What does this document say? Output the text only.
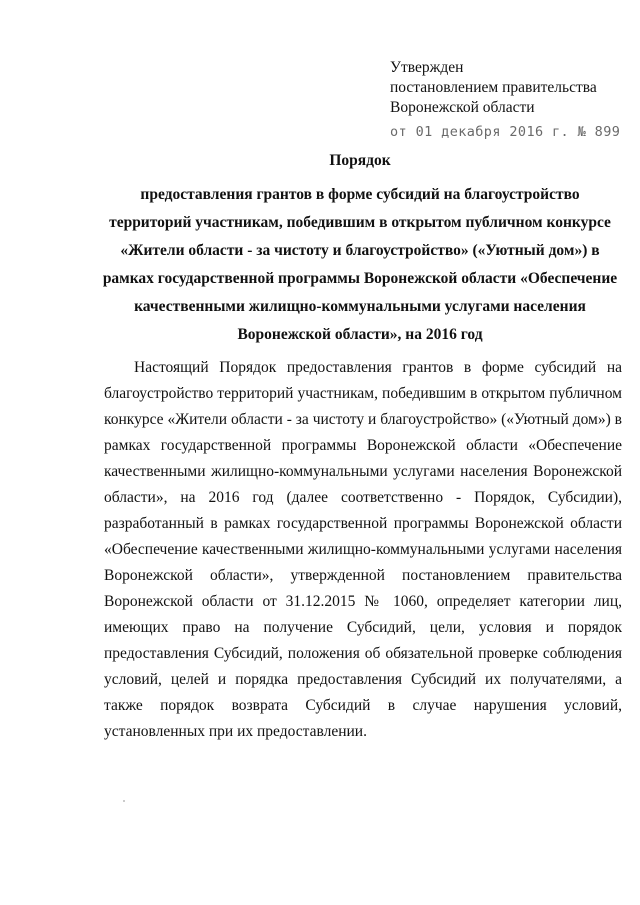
Утвержден
постановлением правительства
Воронежской области
от 01 декабря 2016 г. № 899
Порядок
предоставления грантов в форме субсидий на благоустройство
территорий участникам, победившим в открытом публичном конкурсе
«Жители области - за чистоту и благоустройство» («Уютный дом») в
рамках государственной программы Воронежской области «Обеспечение
качественными жилищно-коммунальными услугами населения
Воронежской области», на 2016 год

Настоящий Порядок предоставления грантов в форме субсидий на благоустройство территорий участникам, победившим в открытом публичном конкурсе «Жители области - за чистоту и благоустройство» («Уютный дом») в рамках государственной программы Воронежской области «Обеспечение качественными жилищно-коммунальными услугами населения Воронежской области», на 2016 год (далее соответственно - Порядок, Субсидии), разработанный в рамках государственной программы Воронежской области «Обеспечение качественными жилищно-коммунальными услугами населения Воронежской области», утвержденной постановлением правительства Воронежской области от 31.12.2015 № 1060, определяет категории лиц, имеющих право на получение Субсидий, цели, условия и порядок предоставления Субсидий, положения об обязательной проверке соблюдения условий, целей и порядка предоставления Субсидий их получателями, а также порядок возврата Субсидий в случае нарушения условий, установленных при их предоставлении.
